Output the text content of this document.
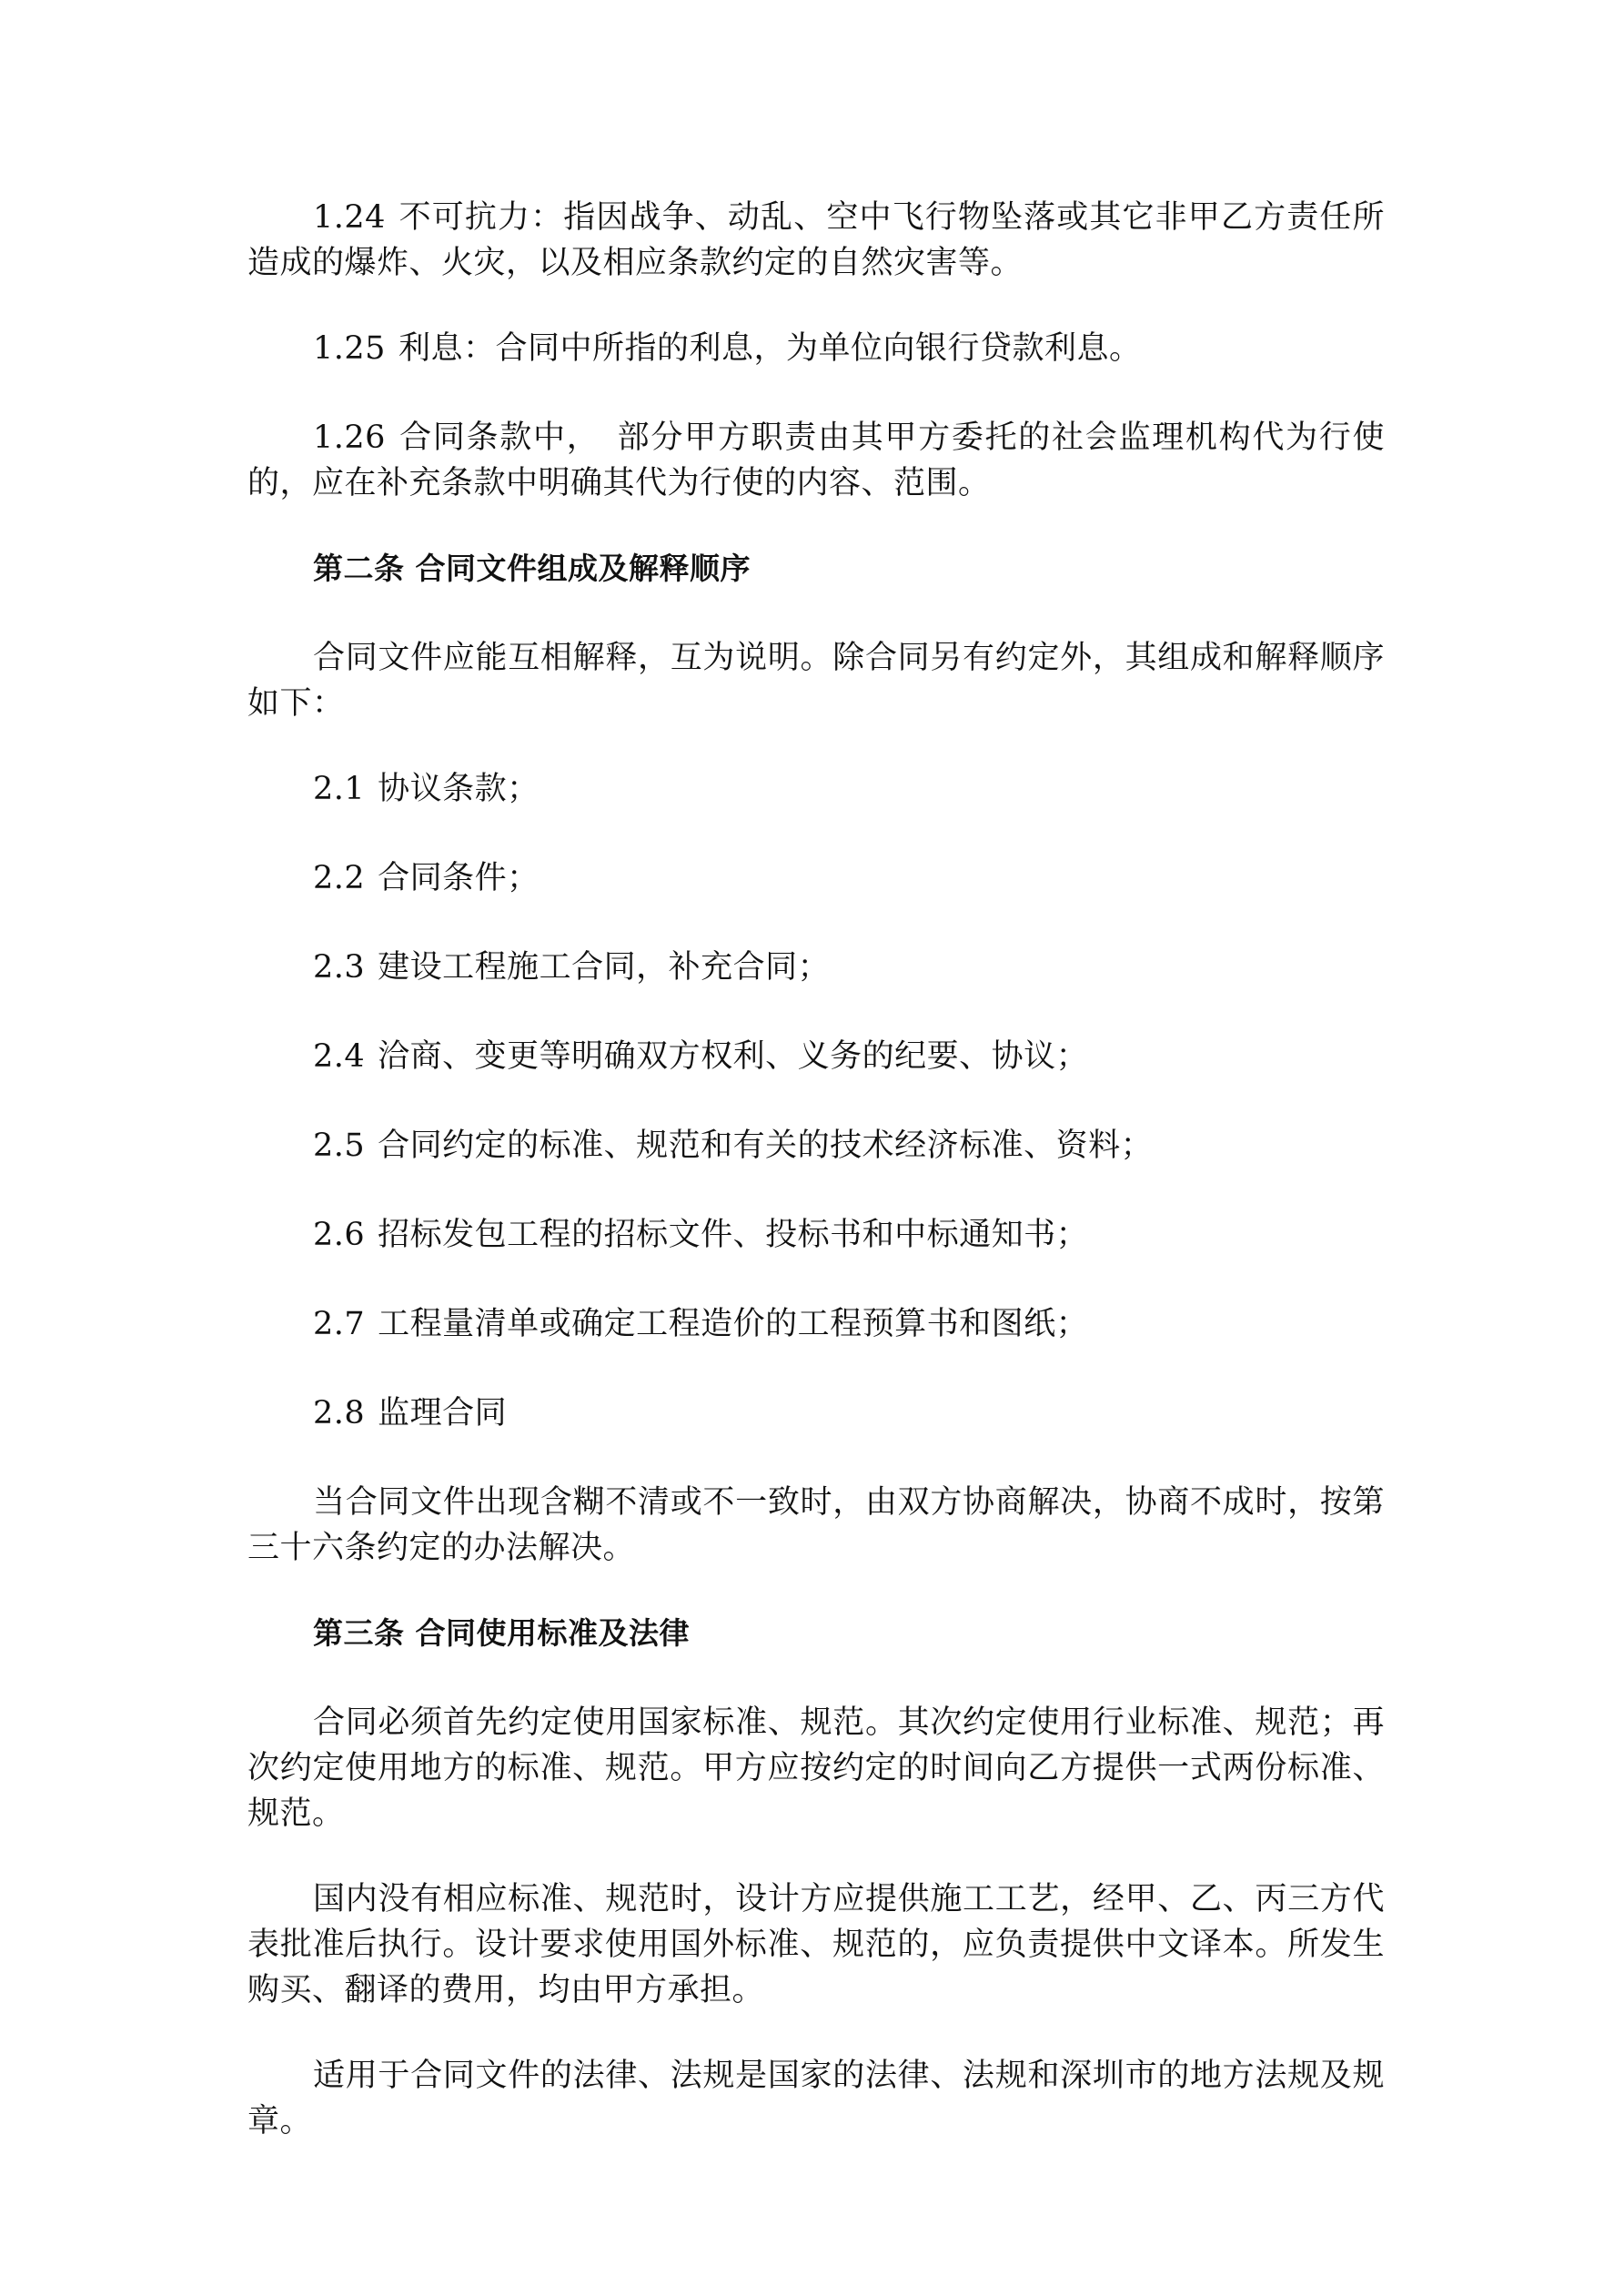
1.24 不可抗力：指因战争、动乱、空中飞行物坠落或其它非甲乙方责任所造成的爆炸、火灾，以及相应条款约定的自然灾害等。

1.25 利息：合同中所指的利息，为单位向银行贷款利息。

1.26 合同条款中，　部分甲方职责由其甲方委托的社会监理机构代为行使的，应在补充条款中明确其代为行使的内容、范围。

第二条 合同文件组成及解释顺序

合同文件应能互相解释，互为说明。除合同另有约定外，其组成和解释顺序如下：

2.1 协议条款；

2.2 合同条件；

2.3 建设工程施工合同，补充合同；

2.4 洽商、变更等明确双方权利、义务的纪要、协议；

2.5 合同约定的标准、规范和有关的技术经济标准、资料；

2.6 招标发包工程的招标文件、投标书和中标通知书；

2.7 工程量清单或确定工程造价的工程预算书和图纸；

2.8 监理合同

当合同文件出现含糊不清或不一致时，由双方协商解决，协商不成时，按第三十六条约定的办法解决。

第三条 合同使用标准及法律

合同必须首先约定使用国家标准、规范。其次约定使用行业标准、规范；再次约定使用地方的标准、规范。甲方应按约定的时间向乙方提供一式两份标准、规范。

国内没有相应标准、规范时，设计方应提供施工工艺，经甲、乙、丙三方代表批准后执行。设计要求使用国外标准、规范的，应负责提供中文译本。所发生购买、翻译的费用，均由甲方承担。

适用于合同文件的法律、法规是国家的法律、法规和深圳市的地方法规及规章。
